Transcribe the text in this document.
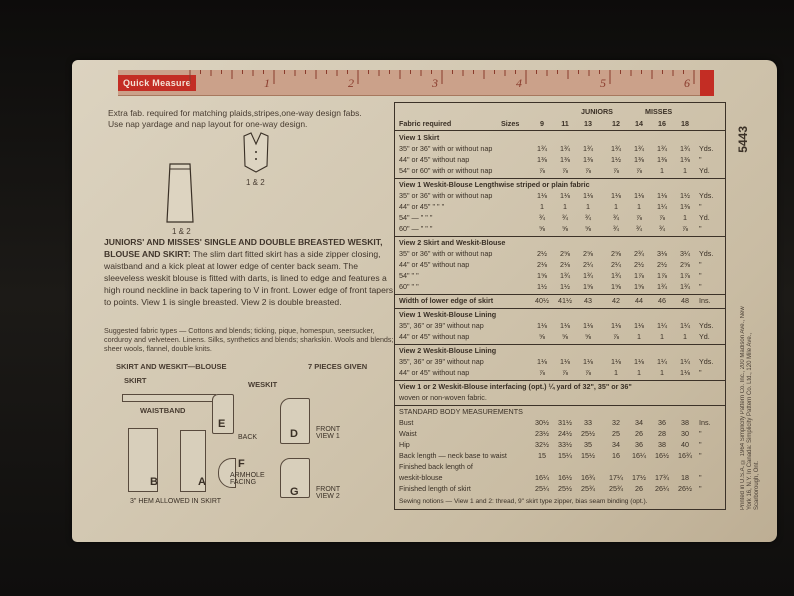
Quick Measure	1	2	3	4	5	6
Extra fab. required for matching plaids,stripes,one-way design fabs.
Use nap yardage and nap layout for one-way design.
1 & 2
1 & 2
JUNIORS' AND MISSES' SINGLE AND DOUBLE BREASTED WESKIT, BLOUSE AND SKIRT: The slim dart fitted skirt has a side zipper closing, waistband and a kick pleat at lower edge of center back seam. The sleeveless weskit blouse is fitted with darts, is lined to edge and features a high round neckline in back tapering to V in front. Lower edge of front tapers to points. View 1 is single breasted. View 2 is double breasted.
Suggested fabric types — Cottons and blends; ticking, pique, homespun, seersucker, corduroy and velveteen. Linens. Silks, synthetics and blends; sharkskin. Wools and blends; sheer wools, flannel, double knits.
SKIRT AND WESKIT—BLOUSE	7 PIECES GIVEN
SKIRT	WESKIT
WAISTBAND
B	A
E
BACK	D	FRONT VIEW 1
F
ARMHOLE FACING
G FRONT VIEW 2
3" HEM ALLOWED IN SKIRT
5443
Printed in U.S.A. © 1964 Simplicity Pattern Co. Inc., 200 Madison Ave., New York 16, N.Y. In Canada: Simplicity Pattern Co. Ltd., 120 Mile Ave., Scarborough, Ont.
JUNIORS	MISSES
Fabric required	Sizes	9	11	13	12	14	16	18
View 1 Skirt
35" or 36" with or without nap	1¾	1¾	1¾	1¾	1¾	1¾	1¾	Yds.
44" or 45" without nap	1⅜	1⅜	1⅜	1½	1⅜	1⅜	1⅜	"
54" or 60" with or without nap	⅞	⅞	⅞	⅞	⅞	1	1	Yd.
View 1 Weskit-Blouse Lengthwise striped or plain fabric
35" or 36" with or without nap	1⅛	1⅛	1⅛	1⅛	1⅛	1⅛	1½	Yds.
44" or 45" " " "	1	1	1	1	1	1¼	1⅜	"
54" — " " "	¾	¾	¾	¾	⅞	⅞	1	Yd.
60" — " " "	⅝	⅝	⅝	¾	¾	¾	⅞	"
View 2 Skirt and Weskit-Blouse
35" or 36" with or without nap	2½	2⅝	2⅝	2⅝	2¾	3⅛	3¼	Yds.
44" or 45" without nap	2⅛	2⅛	2¼	2¼	2½	2½	2⅝	"
54" " "	1⅝	1¾	1¾	1¾	1⅞	1⅞	1⅞	"
60" " "	1½	1½	1⅝	1⅝	1⅝	1¾	1¾	"
Width of lower edge of skirt	40½	41½	43	42	44	46	48	Ins.
View 1 Weskit-Blouse Lining
35", 36" or 39" without nap	1⅛	1⅛	1⅛	1⅛	1⅛	1¼	1¼	Yds.
44" or 45" without nap	⅝	⅝	⅝	⅞	1	1	1	Yd.
View 2 Weskit-Blouse Lining
35", 36" or 39" without nap	1⅛	1⅛	1⅛	1⅛	1⅛	1¼	1¼	Yds.
44" or 45" without nap	⅞	⅞	⅞	1	1	1	1⅛	"
View 1 or 2 Weskit-Blouse interfacing (opt.) ¼ yard of 32", 35" or 36"
woven or non-woven fabric.
STANDARD BODY MEASUREMENTS
Bust	30½	31½	33	32	34	36	38	Ins.
Waist	23½	24½	25½	25	26	28	30	"
Hip	32½	33½	35	34	36	38	40	"
Back length — neck base to waist	15	15¼	15½	16	16¼	16½	16¾ "
Finished back length of
weskit-blouse	16¼	16½	16¾	17¼	17½	17¾	18	"
Finished length of skirt	25¼	25½	25¾	25¾	26	26¼	26½ "
Sewing notions — View 1 and 2: thread, 9" skirt type zipper, bias seam binding (opt.).
